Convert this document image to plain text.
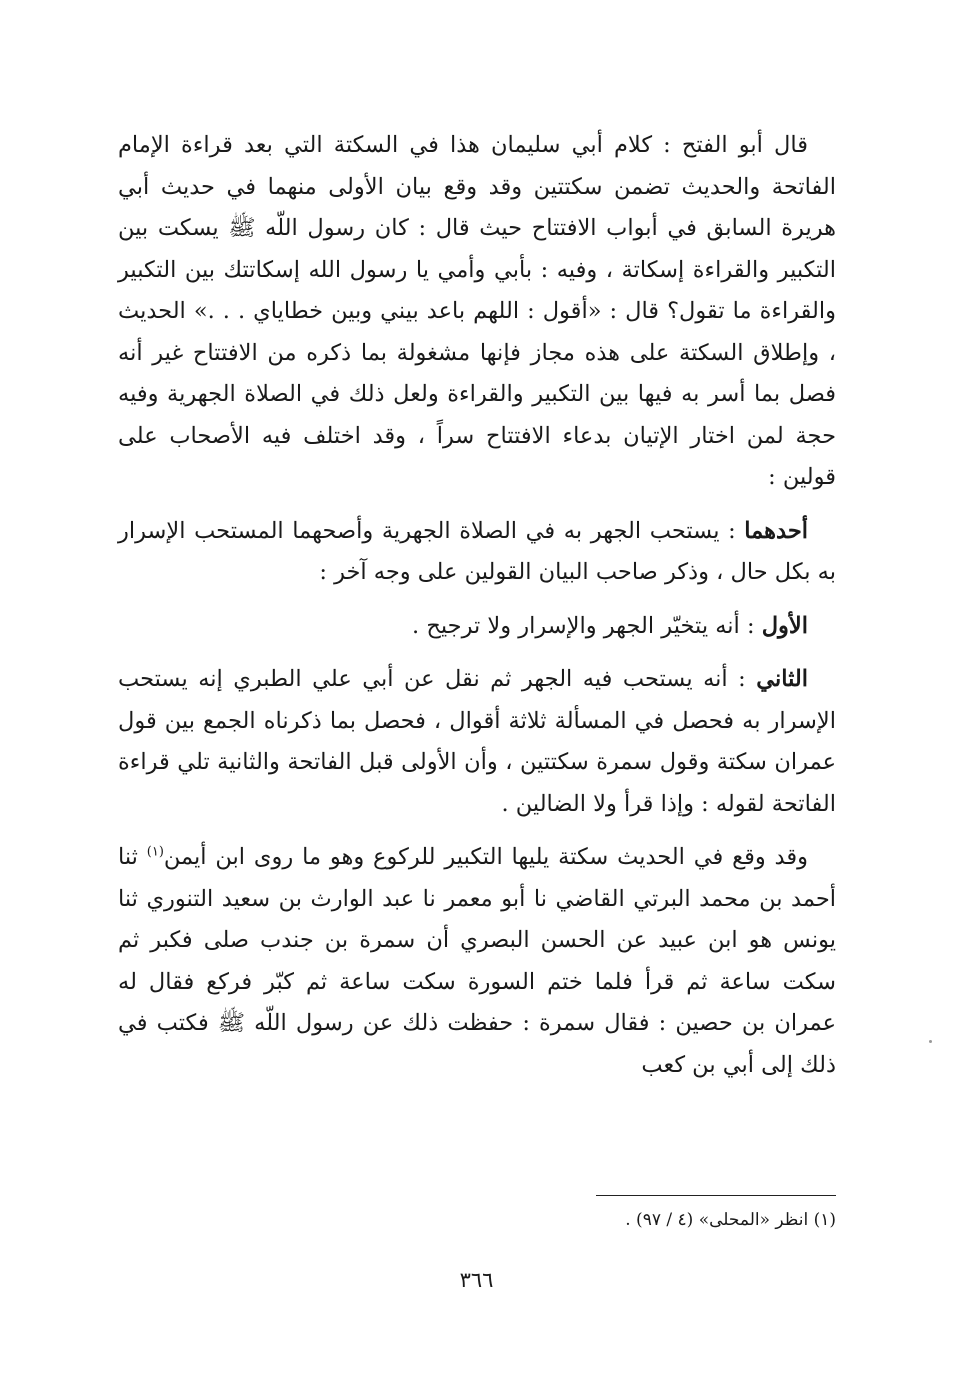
قال أبو الفتح : كلام أبي سليمان هذا في السكتة التي بعد قراءة الإمام الفاتحة والحديث تضمن سكتتين وقد وقع بيان الأولى منهما في حديث أبي هريرة السابق في أبواب الافتتاح حيث قال : كان رسول اللّه ﷺ يسكت بين التكبير والقراءة إسكاتة ، وفيه : بأبي وأمي يا رسول الله إسكاتتك بين التكبير والقراءة ما تقول؟ قال : «أقول : اللهم باعد بيني وبين خطاياي . . .» الحديث ، وإطلاق السكتة على هذه مجاز فإنها مشغولة بما ذكره من الافتتاح غير أنه فصل بما أسر به فيها بين التكبير والقراءة ولعل ذلك في الصلاة الجهرية وفيه حجة لمن اختار الإتيان بدعاء الافتتاح سراً ، وقد اختلف فيه الأصحاب على قولين :

أحدهما : يستحب الجهر به في الصلاة الجهرية وأصحهما المستحب الإسرار به بكل حال ، وذكر صاحب البيان القولين على وجه آخر :

الأول : أنه يتخيّر الجهر والإسرار ولا ترجيح .

الثاني : أنه يستحب فيه الجهر ثم نقل عن أبي علي الطبري إنه يستحب الإسرار به فحصل في المسألة ثلاثة أقوال ، فحصل بما ذكرناه الجمع بين قول عمران سكتة وقول سمرة سكتتين ، وأن الأولى قبل الفاتحة والثانية تلي قراءة الفاتحة لقوله : وإذا قرأ ولا الضالين .

وقد وقع في الحديث سكتة يليها التكبير للركوع وهو ما روى ابن أيمن$^{(١)}$ ثنا أحمد بن محمد البرتي القاضي نا أبو معمر نا عبد الوارث بن سعيد التنوري ثنا يونس هو ابن عبيد عن الحسن البصري أن سمرة بن جندب صلى فكبر ثم سكت ساعة ثم قرأ فلما ختم السورة سكت ساعة ثم كبّر فركع فقال له عمران بن حصين : فقال سمرة : حفظت ذلك عن رسول اللّه ﷺ فكتب في ذلك إلى أبي بن كعب

(١) انظر «المحلى» (٤ / ٩٧) .
٣٦٦
